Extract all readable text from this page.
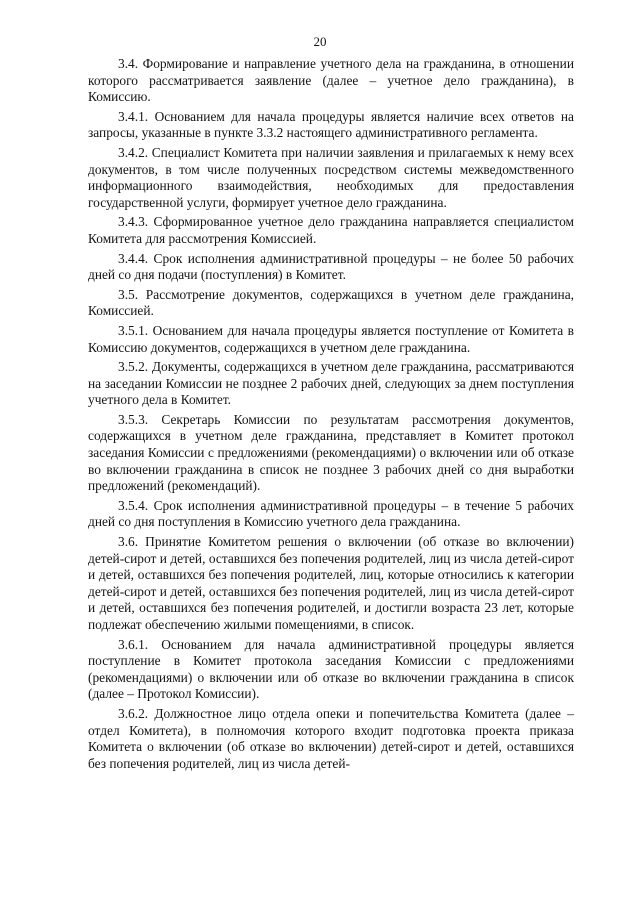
20

3.4. Формирование и направление учетного дела на гражданина, в отношении которого рассматривается заявление (далее – учетное дело гражданина), в Комиссию.

3.4.1. Основанием для начала процедуры является наличие всех ответов на запросы, указанные в пункте 3.3.2 настоящего административного регламента.

3.4.2. Специалист Комитета при наличии заявления и прилагаемых к нему всех документов, в том числе полученных посредством системы межведомственного информационного взаимодействия, необходимых для предоставления государственной услуги, формирует учетное дело гражданина.

3.4.3. Сформированное учетное дело гражданина направляется специалистом Комитета для рассмотрения Комиссией.

3.4.4. Срок исполнения административной процедуры – не более 50 рабочих дней со дня подачи (поступления) в Комитет.

3.5. Рассмотрение документов, содержащихся в учетном деле гражданина, Комиссией.

3.5.1. Основанием для начала процедуры является поступление от Комитета в Комиссию документов, содержащихся в учетном деле гражданина.

3.5.2. Документы, содержащихся в учетном деле гражданина, рассматриваются на заседании Комиссии не позднее 2 рабочих дней, следующих за днем поступления учетного дела в Комитет.

3.5.3. Секретарь Комиссии по результатам рассмотрения документов, содержащихся в учетном деле гражданина, представляет в Комитет протокол заседания Комиссии с предложениями (рекомендациями) о включении или об отказе во включении гражданина в список не позднее 3 рабочих дней со дня выработки предложений (рекомендаций).

3.5.4. Срок исполнения административной процедуры – в течение 5 рабочих дней со дня поступления в Комиссию учетного дела гражданина.

3.6. Принятие Комитетом решения о включении (об отказе во включении) детей-сирот и детей, оставшихся без попечения родителей, лиц из числа детей-сирот и детей, оставшихся без попечения родителей, лиц, которые относились к категории детей-сирот и детей, оставшихся без попечения родителей, лиц из числа детей-сирот и детей, оставшихся без попечения родителей, и достигли возраста 23 лет, которые подлежат обеспечению жилыми помещениями, в список.

3.6.1. Основанием для начала административной процедуры является поступление в Комитет протокола заседания Комиссии с предложениями (рекомендациями) о включении или об отказе во включении гражданина в список (далее – Протокол Комиссии).

3.6.2. Должностное лицо отдела опеки и попечительства Комитета (далее – отдел Комитета), в полномочия которого входит подготовка проекта приказа Комитета о включении (об отказе во включении) детей-сирот и детей, оставшихся без попечения родителей, лиц из числа детей-
